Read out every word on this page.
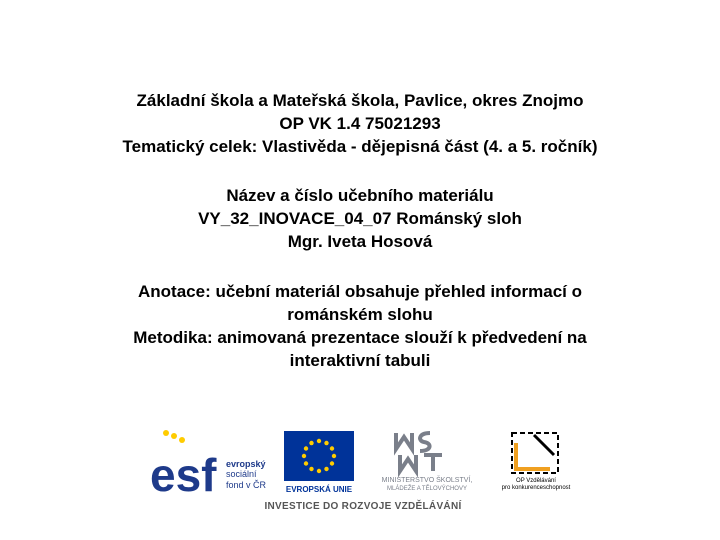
Základní škola a Mateřská škola, Pavlice, okres Znojmo
OP VK 1.4 75021293
Tematický celek: Vlastivěda - dějepisná část (4. a 5. ročník)
Název a číslo učebního materiálu
VY_32_INOVACE_04_07 Románský sloh
Mgr. Iveta Hosová
Anotace: učební materiál obsahuje přehled informací o
románském slohu
Metodika: animovaná prezentace slouží k předvedení na
interaktivní tabuli
esf evropský
sociální
fond v ČR EVROPSKÁ UNIE
MINISTERSTVO ŠKOLSTVÍ,
MLÁDEŽE A TĚLOVÝCHOVY
OP Vzdělávání
pro konkurenceschopnost
INVESTICE DO ROZVOJE VZDĚLÁVÁNÍ
